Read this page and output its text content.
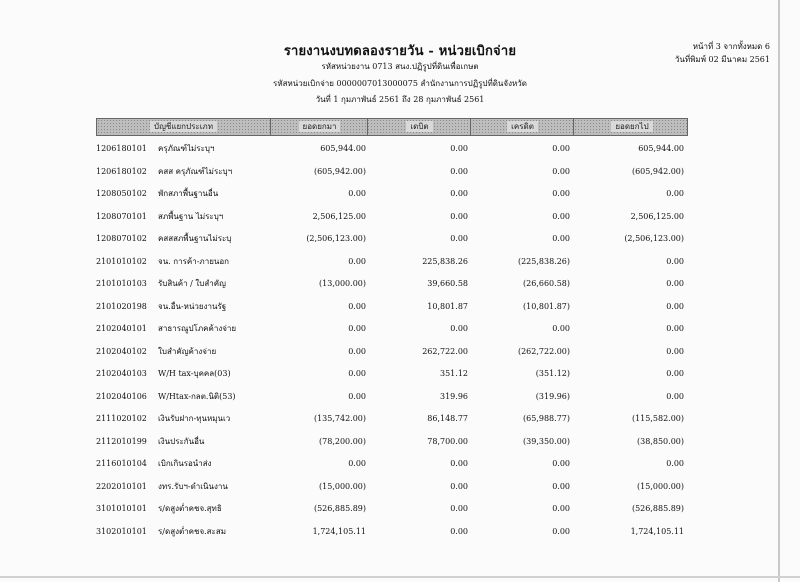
รายงานงบทดลองรายวัน - หน่วยเบิกจ่าย
รหัสหน่วยงาน 0713 สนง.ปฏิรูปที่ดินเพื่อเกษต
รหัสหน่วยเบิกจ่าย 0000007013000075 สำนักงานการปฏิรูปที่ดินจังหวัด
วันที่ 1 กุมภาพันธ์ 2561 ถึง 28 กุมภาพันธ์ 2561
หน้าที่ 3 จากทั้งหมด 6
วันที่พิมพ์ 02 มีนาคม 2561
บัญชีแยกประเภท	ยอดยกมา	เดบิต	เครดิต	ยอดยกไป
1206180101	ครุภัณฑ์ไม่ระบุฯ	605,944.00	0.00	0.00	605,944.00
1206180102	คสส ครุภัณฑ์ไม่ระบุฯ	(605,942.00)	0.00	0.00	(605,942.00)
1208050102	พักสภาพื้นฐานอื่น	0.00	0.00	0.00	0.00
1208070101	สภพื้นฐาน ไม่ระบุฯ	2,506,125.00	0.00	0.00	2,506,125.00
1208070102	คสสสภพื้นฐานไม่ระบุ	(2,506,123.00)	0.00	0.00	(2,506,123.00)
2101010102	จน. การค้า-ภายนอก	0.00	225,838.26	(225,838.26)	0.00
2101010103	รับสินค้า / ใบสำคัญ	(13,000.00)	39,660.58	(26,660.58)	0.00
2101020198	จน.อื่น-หน่วยงานรัฐ	0.00	10,801.87	(10,801.87)	0.00
2102040101	สาธารณูปโภคค้างจ่าย	0.00	0.00	0.00	0.00
2102040102	ใบสำคัญค้างจ่าย	0.00	262,722.00	(262,722.00)	0.00
2102040103	W/H tax-บุคคล(03)	0.00	351.12	(351.12)	0.00
2102040106	W/Htax-กลต.นิติ(53)	0.00	319.96	(319.96)	0.00
2111020102	เงินรับฝาก-ทุนหมุนเว	(135,742.00)	86,148.77	(65,988.77)	(115,582.00)
2112010199	เงินประกันอื่น	(78,200.00)	78,700.00	(39,350.00)	(38,850.00)
2116010104	เบิกเกินรอนำส่ง	0.00	0.00	0.00	0.00
2202010101	งทร.รับฯ-ดำเนินงาน	(15,000.00)	0.00	0.00	(15,000.00)
3101010101	ร/ดสูงต่ำคชจ.สุทธิ	(526,885.89)	0.00	0.00	(526,885.89)
3102010101	ร/ดสูงต่ำคชจ.สะสม	1,724,105.11	0.00	0.00	1,724,105.11
